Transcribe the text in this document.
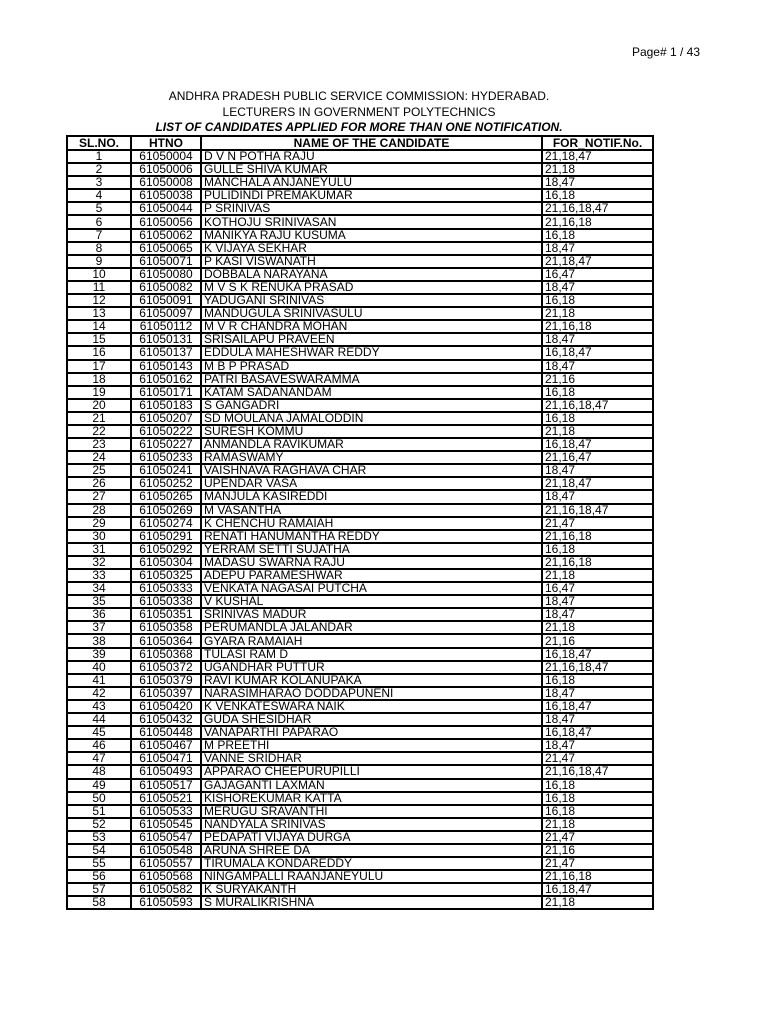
Page# 1 / 43
ANDHRA PRADESH PUBLIC SERVICE COMMISSION: HYDERABAD.
LECTURERS IN GOVERNMENT POLYTECHNICS
LIST OF CANDIDATES APPLIED FOR MORE THAN ONE NOTIFICATION.
SL.NO.	HTNO	NAME OF THE CANDIDATE	FOR_NOTIF.No.
1	61050004	D V N POTHA RAJU	21,18,47
2	61050006	GULLE SHIVA KUMAR	21,18
3	61050008	MANCHALA ANJANEYULU	18,47
4	61050038	PULIDINDI PREMAKUMAR	16,18
5	61050044	P SRINIVAS	21,16,18,47
6	61050056	KOTHOJU SRINIVASAN	21,16,18
7	61050062	MANIKYA RAJU KUSUMA	16,18
8	61050065	K VIJAYA SEKHAR	18,47
9	61050071	P KASI VISWANATH	21,18,47
10	61050080	DOBBALA NARAYANA	16,47
11	61050082	M V S K RENUKA PRASAD	18,47
12	61050091	YADUGANI SRINIVAS	16,18
13	61050097	MANDUGULA SRINIVASULU	21,18
14	61050112	M V R CHANDRA MOHAN	21,16,18
15	61050131	SRISAILAPU PRAVEEN	18,47
16	61050137	EDDULA MAHESHWAR REDDY	16,18,47
17	61050143	M B P PRASAD	18,47
18	61050162	PATRI BASAVESWARAMMA	21,16
19	61050171	KATAM SADANANDAM	16,18
20	61050183	S GANGADRI	21,16,18,47
21	61050207	SD MOULANA JAMALODDIN	16,18
22	61050222	SURESH KOMMU	21,18
23	61050227	ANMANDLA RAVIKUMAR	16,18,47
24	61050233	RAMASWAMY	21,16,47
25	61050241	VAISHNAVA RAGHAVA CHAR	18,47
26	61050252	UPENDAR VASA	21,18,47
27	61050265	MANJULA KASIREDDI	18,47
28	61050269	M VASANTHA	21,16,18,47
29	61050274	K CHENCHU RAMAIAH	21,47
30	61050291	RENATI HANUMANTHA REDDY	21,16,18
31	61050292	YERRAM SETTI SUJATHA	16,18
32	61050304	MADASU SWARNA RAJU	21,16,18
33	61050325	ADEPU PARAMESHWAR	21,18
34	61050333	VENKATA NAGASAI PUTCHA	16,47
35	61050338	V KUSHAL	18,47
36	61050351	SRINIVAS MADUR	18,47
37	61050358	PERUMANDLA JALANDAR	21,18
38	61050364	GYARA RAMAIAH	21,16
39	61050368	TULASI RAM D	16,18,47
40	61050372	UGANDHAR PUTTUR	21,16,18,47
41	61050379	RAVI KUMAR KOLANUPAKA	16,18
42	61050397	NARASIMHARAO DODDAPUNENI	18,47
43	61050420	K VENKATESWARA NAIK	16,18,47
44	61050432	GUDA SHESIDHAR	18,47
45	61050448	VANAPARTHI PAPARAO	16,18,47
46	61050467	M PREETHI	18,47
47	61050471	VANNE SRIDHAR	21,47
48	61050493	APPARAO CHEEPURUPILLI	21,16,18,47
49	61050517	GAJAGANTI LAXMAN	16,18
50	61050521	KISHOREKUMAR KATTA	16,18
51	61050533	MERUGU SRAVANTHI	16,18
52	61050545	NANDYALA SRINIVAS	21,18
53	61050547	PEDAPATI VIJAYA DURGA	21,47
54	61050548	ARUNA SHREE DA	21,16
55	61050557	TIRUMALA KONDAREDDY	21,47
56	61050568	NINGAMPALLI RAANJANEYULU	21,16,18
57	61050582	K SURYAKANTH	16,18,47
58	61050593	S MURALIKRISHNA	21,18
